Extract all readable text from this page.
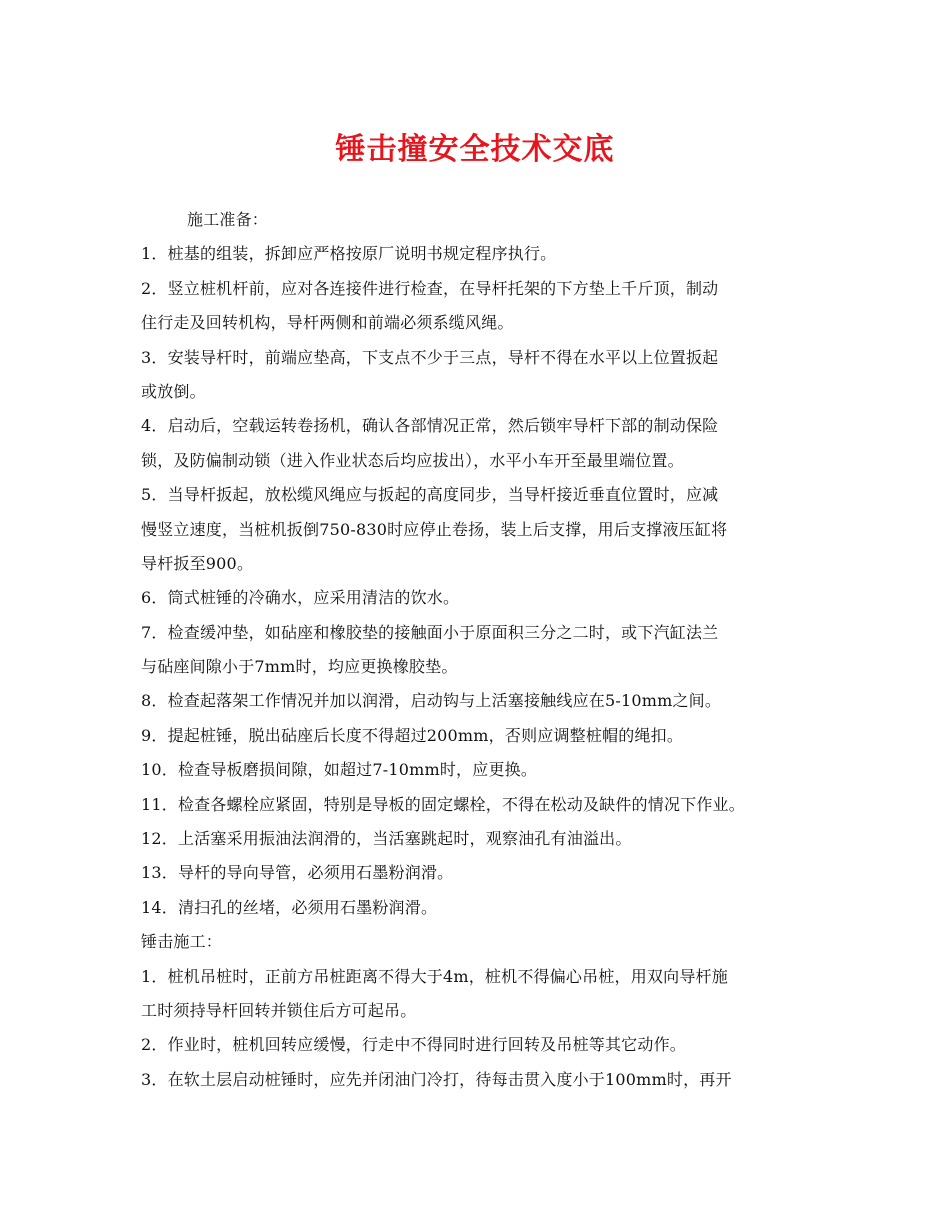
锤击撞安全技术交底
施工准备：
1．桩基的组装，拆卸应严格按原厂说明书规定程序执行。
2．竖立桩机杆前，应对各连接件进行检查，在导杆托架的下方垫上千斤顶，制动
住行走及回转机构，导杆两侧和前端必须系缆风绳。
3．安装导杆时，前端应垫高，下支点不少于三点，导杆不得在水平以上位置扳起
或放倒。
4．启动后，空载运转卷扬机，确认各部情况正常，然后锁牢导杆下部的制动保险
锁，及防偏制动锁（进入作业状态后均应拔出），水平小车开至最里端位置。
5．当导杆扳起，放松缆风绳应与扳起的高度同步，当导杆接近垂直位置时，应减
慢竖立速度，当桩机扳倒750-830时应停止卷扬，装上后支撑，用后支撑液压缸将
导杆扳至900。
6．筒式桩锤的冷确水，应采用清洁的饮水。
7．检查缓冲垫，如砧座和橡胶垫的接触面小于原面积三分之二时，或下汽缸法兰
与砧座间隙小于7mm时，均应更换橡胶垫。
8．检查起落架工作情况并加以润滑，启动钩与上活塞接触线应在5-10mm之间。
9．提起桩锤，脱出砧座后长度不得超过200mm，否则应调整桩帽的绳扣。
10．检查导板磨损间隙，如超过7-10mm时，应更换。
11．检查各螺栓应紧固，特别是导板的固定螺栓，不得在松动及缺件的情况下作业。
12．上活塞采用振油法润滑的，当活塞跳起时，观察油孔有油溢出。
13．导杆的导向导管，必须用石墨粉润滑。
14．清扫孔的丝堵，必须用石墨粉润滑。
锤击施工：
1．桩机吊桩时，正前方吊桩距离不得大于4m，桩机不得偏心吊桩，用双向导杆施
工时须持导杆回转并锁住后方可起吊。
2．作业时，桩机回转应缓慢，行走中不得同时进行回转及吊桩等其它动作。
3．在软土层启动桩锤时，应先并闭油门冷打，待每击贯入度小于100mm时，再开
